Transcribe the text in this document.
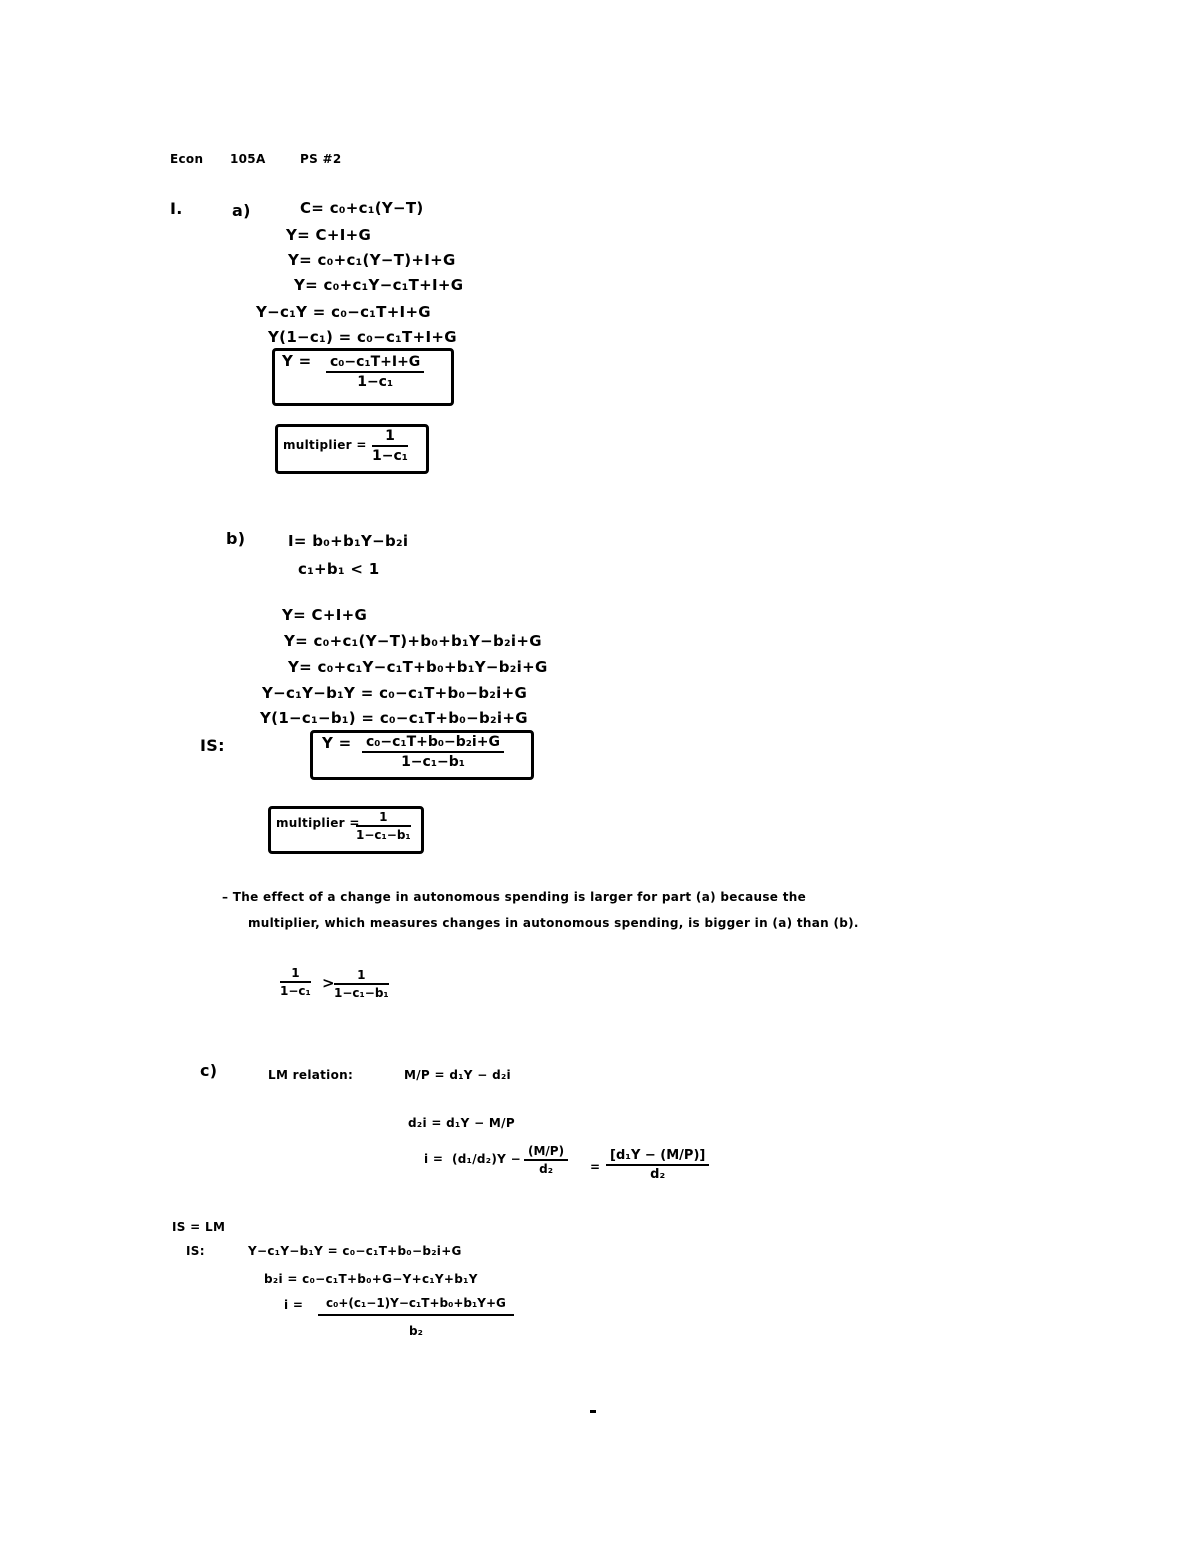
Econ 105A	PS #2
I.	a)	C= c₀+c₁(Y−T)
Y= C+I+G
Y= c₀+c₁(Y−T)+I+G
Y= c₀+c₁Y−c₁T+I+G
Y−c₁Y = c₀−c₁T+I+G
Y(1−c₁) = c₀−c₁T+I+G
$Y = \frac{\text{c₀−c₁T+I+G}}{\text{1−c₁}}$
multiplier = $\frac{1}{\text{1−c₁}}$
b)	I= b₀+b₁Y−b₂i
c₁+b₁ < 1
Y= C+I+G
Y= c₀+c₁(Y−T)+b₀+b₁Y−b₂i+G
Y= c₀+c₁Y−c₁T+b₀+b₁Y−b₂i+G
Y−c₁Y−b₁Y = c₀−c₁T+b₀−b₂i+G
Y(1−c₁−b₁) = c₀−c₁T+b₀−b₂i+G
IS:	$Y = \frac{\text{c₀−c₁T+b₀−b₂i+G}}{\text{1−c₁−b₁}}$
multiplier =
$\frac{1}{\text{1−c₁−b₁}}$
– The effect of a change in autonomous spending is larger for part (a) because the
multiplier, which measures changes in autonomous spending, is bigger in (a) than (b).
$\frac{1}{\text{1−c₁}} > \frac{1}{\text{1−c₁−b₁}}$
c)	LM relation:	M/P = d₁Y − d₂i
d₂i = d₁Y − M/P
$i = (d_1/d_2)Y - \frac{(M/P)}{\text{d₂}} = \frac{\text{[d₁Y − (M/P)]}}{\text{d₂}}$
IS = LM
IS:	Y−c₁Y−b₁Y = c₀−c₁T+b₀−b₂i+G
b₂i = c₀−c₁T+b₀+G−Y+c₁Y+b₁Y
$i = \frac{\text{c₀+(c₁−1)Y−c₁T+b₀+b₁Y+G}}{\text{b₂}}$
